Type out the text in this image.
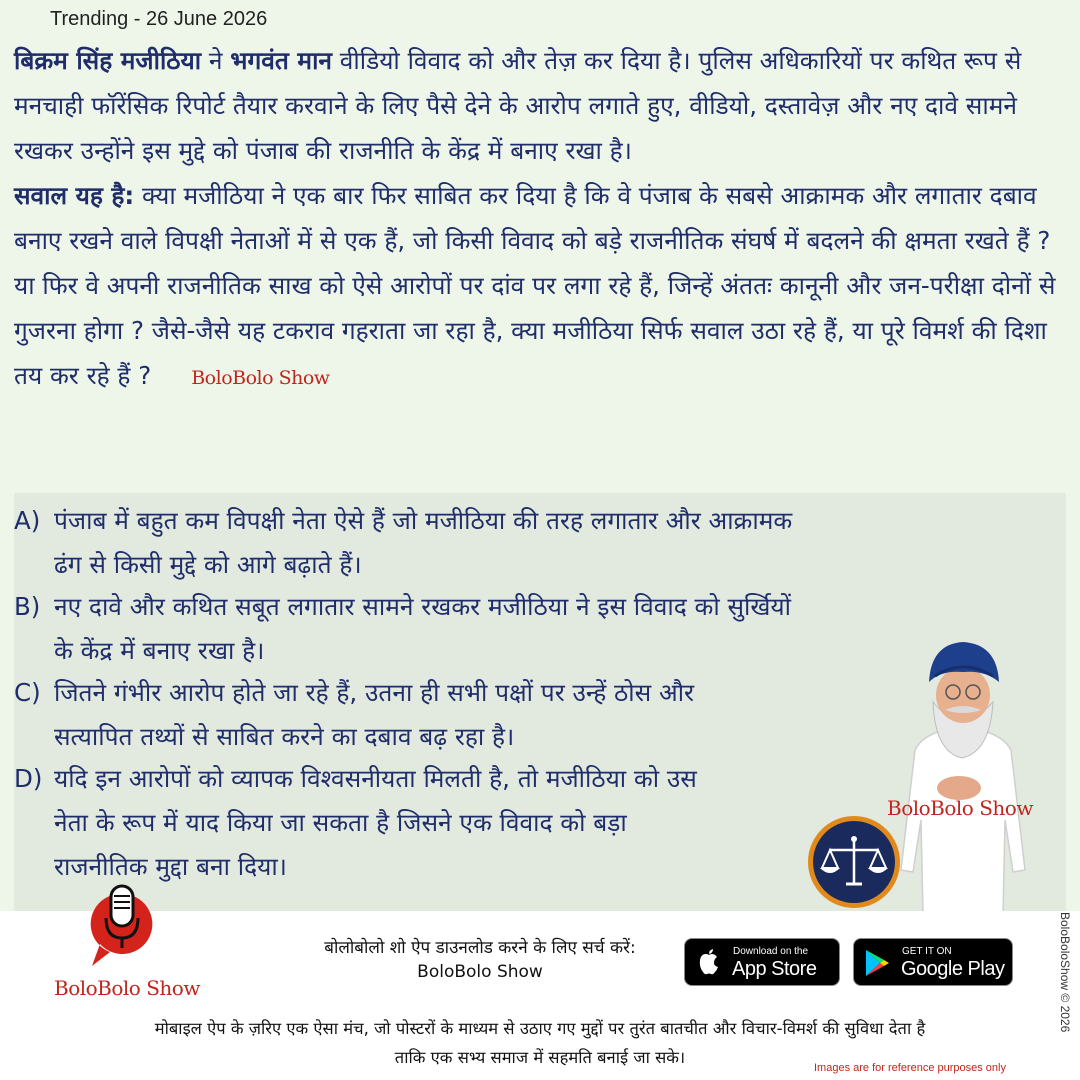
Trending - 26 June 2026

बिक्रम सिंह मजीठिया ने भगवंत मान वीडियो विवाद को और तेज़ कर दिया है। पुलिस अधिकारियों पर कथित रूप से मनचाही फॉरेंसिक रिपोर्ट तैयार करवाने के लिए पैसे देने के आरोप लगाते हुए, वीडियो, दस्तावेज़ और नए दावे सामने रखकर उन्होंने इस मुद्दे को पंजाब की राजनीति के केंद्र में बनाए रखा है।

सवाल यह है: क्या मजीठिया ने एक बार फिर साबित कर दिया है कि वे पंजाब के सबसे आक्रामक और लगातार दबाव बनाए रखने वाले विपक्षी नेताओं में से एक हैं, जो किसी विवाद को बड़े राजनीतिक संघर्ष में बदलने की क्षमता रखते हैं ? या फिर वे अपनी राजनीतिक साख को ऐसे आरोपों पर दांव पर लगा रहे हैं, जिन्हें अंततः कानूनी और जन-परीक्षा दोनों से गुजरना होगा ? जैसे-जैसे यह टकराव गहराता जा रहा है, क्या मजीठिया सिर्फ सवाल उठा रहे हैं, या पूरे विमर्श की दिशा तय कर रहे हैं ? BoloBolo Show

A) पंजाब में बहुत कम विपक्षी नेता ऐसे हैं जो मजीठिया की तरह लगातार और आक्रामक
ढंग से किसी मुद्दे को आगे बढ़ाते हैं।
B) नए दावे और कथित सबूत लगातार सामने रखकर मजीठिया ने इस विवाद को सुर्खियों
के केंद्र में बनाए रखा है।
C) जितने गंभीर आरोप होते जा रहे हैं, उतना ही सभी पक्षों पर उन्हें ठोस और
सत्यापित तथ्यों से साबित करने का दबाव बढ़ रहा है।
D) यदि इन आरोपों को व्यापक विश्वसनीयता मिलती है, तो मजीठिया को उस
नेता के रूप में याद किया जा सकता है जिसने एक विवाद को बड़ा
राजनीतिक मुद्दा बना दिया।
BoloBolo Show
BoloBolo Show
बोलोबोलो शो ऐप डाउनलोड करने के लिए सर्च करें:
BoloBolo Show
Download on the
App Store
GET IT ON
Google Play	BoloBoloShow © 2026
मोबाइल ऐप के ज़रिए एक ऐसा मंच, जो पोस्टरों के माध्यम से उठाए गए मुद्दों पर तुरंत बातचीत और विचार-विमर्श की सुविधा देता है
ताकि एक सभ्य समाज में सहमति बनाई जा सके।
Images are for reference purposes only
